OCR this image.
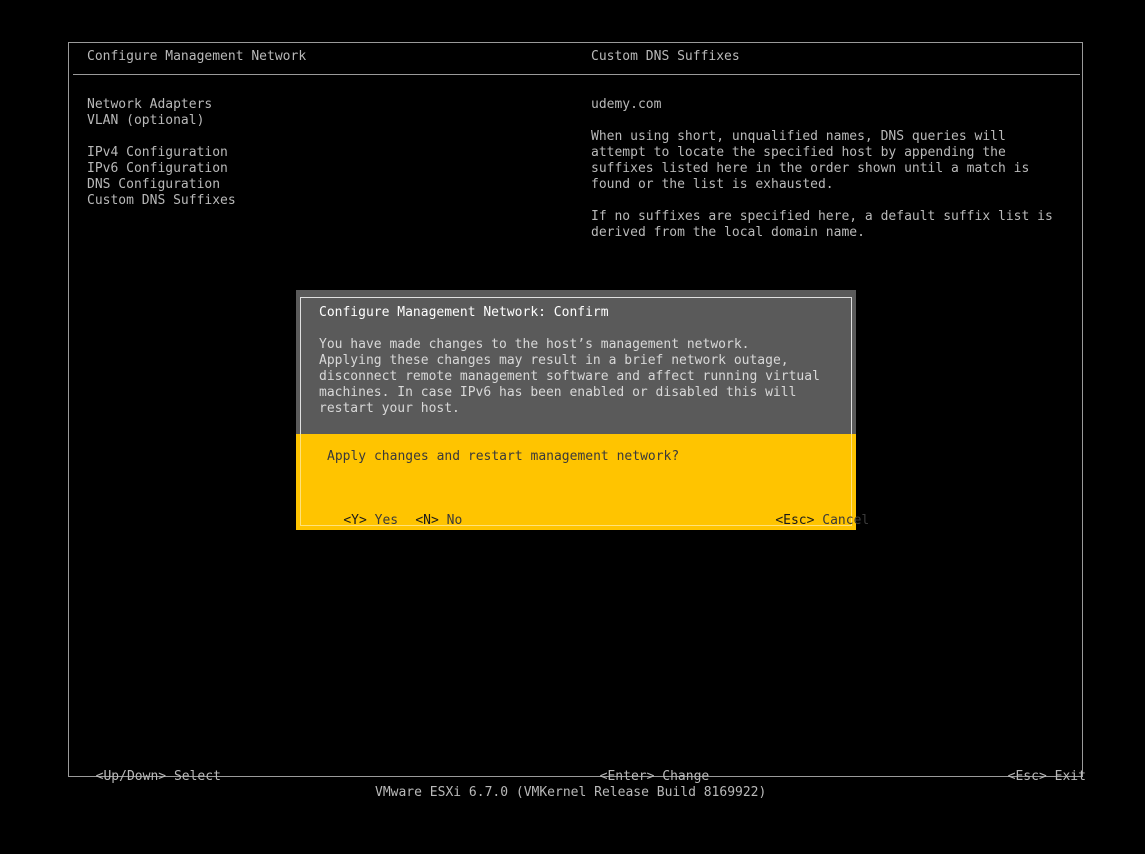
Configure Management Network	Custom DNS Suffixes
Network Adapters
VLAN (optional)
IPv4 Configuration
IPv6 Configuration
DNS Configuration
Custom DNS Suffixes
udemy.com
When using short, unqualified names, DNS queries will
attempt to locate the specified host by appending the
suffixes listed here in the order shown until a match is
found or the list is exhausted.
If no suffixes are specified here, a default suffix list is
derived from the local domain name.
Configure Management Network: Confirm
You have made changes to the host’s management network.
Applying these changes may result in a brief network outage,
disconnect remote management software and affect running virtual
machines. In case IPv6 has been enabled or disabled this will
restart your host.
Apply changes and restart management network?

<Y> Yes
	<N> No
	<Esc> Cancel

<Up/Down> Select	<Enter> Change	<Esc> Exit

VMware ESXi 6.7.0 (VMKernel Release Build 8169922)
